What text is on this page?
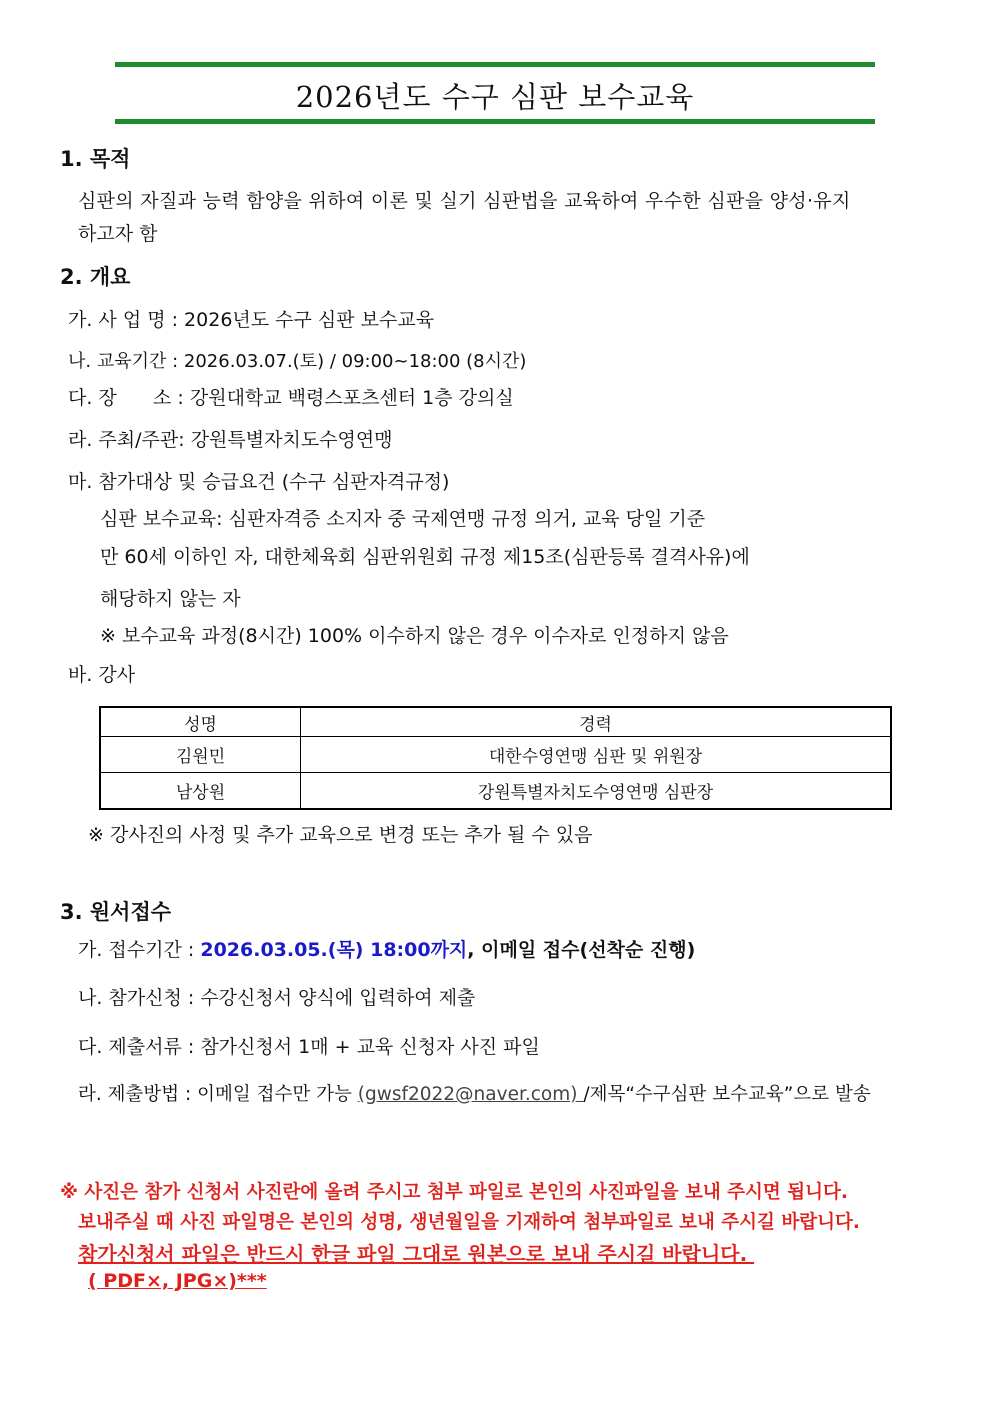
2026년도 수구 심판 보수교육
1. 목적
심판의 자질과 능력 함양을 위하여 이론 및 실기 심판법을 교육하여 우수한 심판을 양성·유지
하고자 함
2. 개요
가. 사 업 명 : 2026년도 수구 심판 보수교육
나. 교육기간 : 2026.03.07.(토) / 09:00~18:00 (8시간)
다. 장      소 : 강원대학교 백령스포츠센터 1층 강의실
라. 주최/주관: 강원특별자치도수영연맹
마. 참가대상 및 승급요건 (수구 심판자격규정)
심판 보수교육: 심판자격증 소지자 중 국제연맹 규정 의거, 교육 당일 기준
만 60세 이하인 자, 대한체육회 심판위원회 규정 제15조(심판등록 결격사유)에
해당하지 않는 자
※ 보수교육 과정(8시간) 100% 이수하지 않은 경우 이수자로 인정하지 않음
바. 강사
성명	경력
김원민	대한수영연맹 심판 및 위원장
남상원	강원특별자치도수영연맹 심판장
※ 강사진의 사정 및 추가 교육으로 변경 또는 추가 될 수 있음
3. 원서접수
가. 접수기간 : 2026.03.05.(목) 18:00까지, 이메일 접수(선착순 진행)
나. 참가신청 : 수강신청서 양식에 입력하여 제출
다. 제출서류 : 참가신청서 1매 + 교육 신청자 사진 파일
라. 제출방법 : 이메일 접수만 가능 (gwsf2022@naver.com) /제목“수구심판 보수교육”으로 발송
※ 사진은 참가 신청서 사진란에 올려 주시고 첨부 파일로 본인의 사진파일을 보내 주시면 됩니다.
보내주실 때 사진 파일명은 본인의 성명, 생년월일을 기재하여 첨부파일로 보내 주시길 바랍니다.
참가신청서 파일은 반드시 한글 파일 그대로 원본으로 보내 주시길 바랍니다.
( PDF×, JPG×)***
